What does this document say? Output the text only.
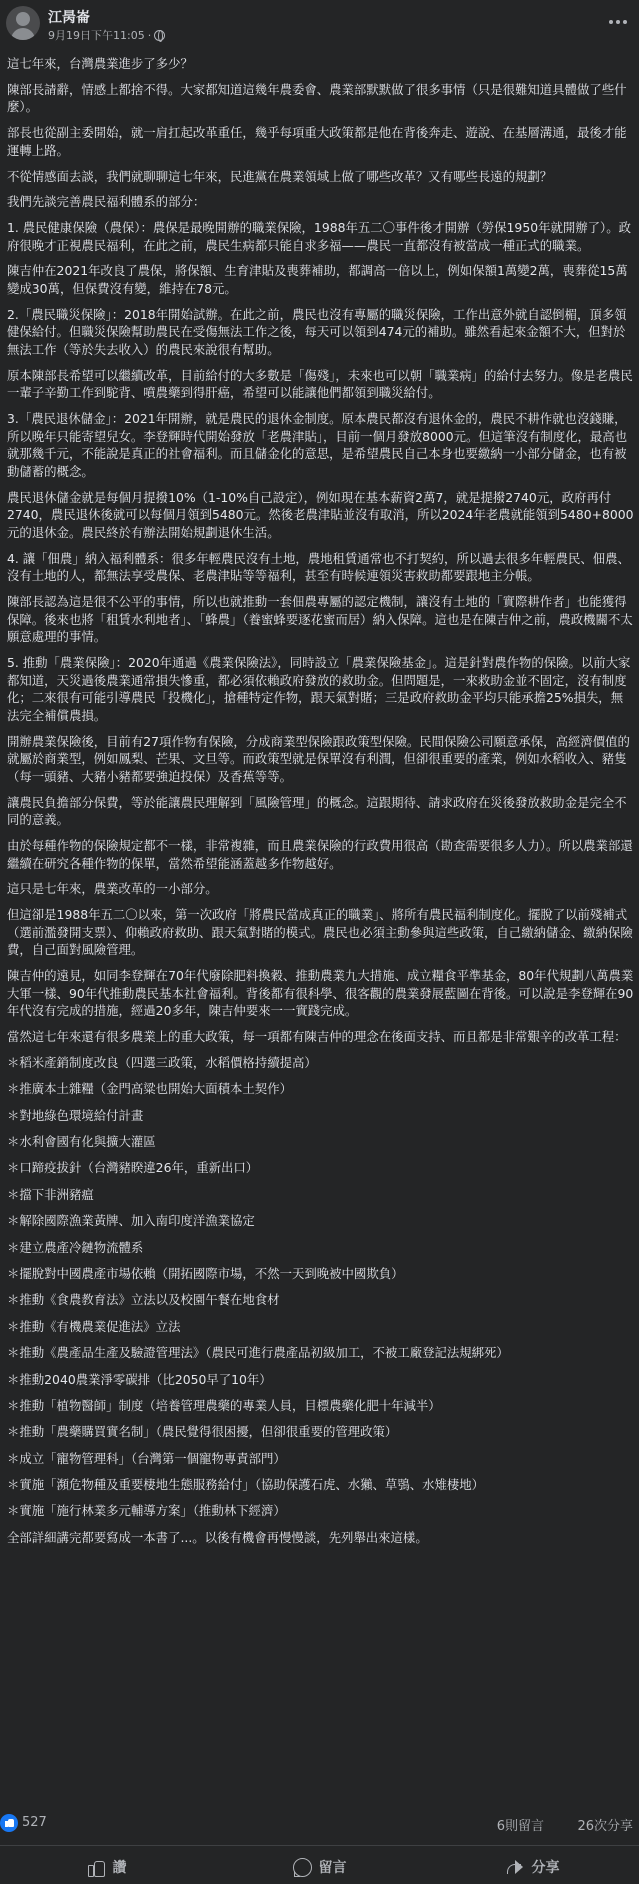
江昺崙
9月19日下午11:05 ·

這七年來，台灣農業進步了多少？

陳部長請辭，情感上都捨不得。大家都知道這幾年農委會、農業部默默做了很多事情（只是很難知道具體做了些什麼）。

部長也從副主委開始，就一肩扛起改革重任，幾乎每項重大政策都是他在背後奔走、遊說、在基層溝通，最後才能運轉上路。

不從情感面去談，我們就聊聊這七年來，民進黨在農業領域上做了哪些改革？又有哪些長遠的規劃？

我們先談完善農民福利體系的部分：

1. 農民健康保險（農保）：農保是最晚開辦的職業保險，1988年五二〇事件後才開辦（勞保1950年就開辦了）。政府很晚才正視農民福利，在此之前，農民生病都只能自求多福——農民一直都沒有被當成一種正式的職業。

陳吉仲在2021年改良了農保，將保額、生育津貼及喪葬補助，都調高一倍以上，例如保額1萬變2萬，喪葬從15萬變成30萬，但保費沒有變，維持在78元。

2.「農民職災保險」：2018年開始試辦。在此之前，農民也沒有專屬的職災保險，工作出意外就自認倒楣，頂多領健保給付。但職災保險幫助農民在受傷無法工作之後，每天可以領到474元的補助。雖然看起來金額不大，但對於無法工作（等於失去收入）的農民來說很有幫助。

原本陳部長希望可以繼續改革，目前給付的大多數是「傷殘」，未來也可以朝「職業病」的給付去努力。像是老農民一輩子辛勤工作到駝背、噴農藥到得肝癌，希望可以能讓他們都領到職災給付。

3.「農民退休儲金」：2021年開辦，就是農民的退休金制度。原本農民都沒有退休金的，農民不耕作就也沒錢賺，所以晚年只能寄望兒女。李登輝時代開始發放「老農津貼」，目前一個月發放8000元。但這筆沒有制度化，最高也就那幾千元，不能說是真正的社會福利。而且儲金化的意思，是希望農民自己本身也要繳納一小部分儲金，也有被動儲蓄的概念。

農民退休儲金就是每個月提撥10%（1-10%自己設定），例如現在基本薪資2萬7，就是提撥2740元，政府再付2740，農民退休後就可以每個月領到5480元。然後老農津貼並沒有取消，所以2024年老農就能領到5480+8000元的退休金。農民終於有辦法開始規劃退休生活。

4. 讓「佃農」納入福利體系：很多年輕農民沒有土地，農地租賃通常也不打契約，所以過去很多年輕農民、佃農、沒有土地的人，都無法享受農保、老農津貼等等福利，甚至有時候連領災害救助都要跟地主分帳。

陳部長認為這是很不公平的事情，所以也就推動一套佃農專屬的認定機制，讓沒有土地的「實際耕作者」也能獲得保障。後來也將「租賃水利地者」、「蜂農」（養蜜蜂要逐花蜜而居）納入保障。這也是在陳吉仲之前，農政機關不太願意處理的事情。

5. 推動「農業保險」：2020年通過《農業保險法》，同時設立「農業保險基金」。這是針對農作物的保險。以前大家都知道，天災過後農業通常損失慘重，都必須依賴政府發放的救助金。但問題是，一來救助金並不固定，沒有制度化；二來很有可能引導農民「投機化」，搶種特定作物，跟天氣對賭；三是政府救助金平均只能承擔25%損失，無法完全補償農損。

開辦農業保險後，目前有27項作物有保險，分成商業型保險跟政策型保險。民間保險公司願意承保，高經濟價值的就屬於商業型，例如鳳梨、芒果、文旦等。而政策型就是保單沒有利潤，但卻很重要的產業，例如水稻收入、豬隻（每一頭豬、大豬小豬都要強迫投保）及香蕉等等。

讓農民負擔部分保費，等於能讓農民理解到「風險管理」的概念。這跟期待、請求政府在災後發放救助金是完全不同的意義。

由於每種作物的保險規定都不一樣，非常複雜，而且農業保險的行政費用很高（勘查需要很多人力）。所以農業部還繼續在研究各種作物的保單，當然希望能涵蓋越多作物越好。

這只是七年來，農業改革的一小部分。

但這卻是1988年五二〇以來，第一次政府「將農民當成真正的職業」、將所有農民福利制度化。擺脫了以前殘補式（選前濫發開支票）、仰賴政府救助、跟天氣對賭的模式。農民也必須主動參與這些政策，自己繳納儲金、繳納保險費，自己面對風險管理。

陳吉仲的遠見，如同李登輝在70年代廢除肥料換穀、推動農業九大措施、成立糧食平準基金，80年代規劃八萬農業大軍一樣、90年代推動農民基本社會福利。背後都有很科學、很客觀的農業發展藍圖在背後。可以說是李登輝在90年代沒有完成的措施，經過20多年，陳吉仲要來一一實踐完成。

當然這七年來還有很多農業上的重大政策，每一項都有陳吉仲的理念在後面支持、而且都是非常艱辛的改革工程：

＊稻米產銷制度改良（四選三政策，水稻價格持續提高）

＊推廣本土雜糧（金門高粱也開始大面積本土契作）

＊對地綠色環境給付計畫

＊水利會國有化與擴大灌區

＊口蹄疫拔針（台灣豬睽違26年，重新出口）

＊擋下非洲豬瘟

＊解除國際漁業黃牌、加入南印度洋漁業協定

＊建立農產冷鏈物流體系

＊擺脫對中國農產市場依賴（開拓國際市場，不然一天到晚被中國欺負）

＊推動《食農教育法》立法以及校園午餐在地食材

＊推動《有機農業促進法》立法

＊推動《農產品生產及驗證管理法》（農民可進行農產品初級加工，不被工廠登記法規綁死）

＊推動2040農業淨零碳排（比2050早了10年）

＊推動「植物醫師」制度（培養管理農藥的專業人員，目標農藥化肥十年減半）

＊推動「農藥購買實名制」（農民覺得很困擾，但卻很重要的管理政策）

＊成立「寵物管理科」（台灣第一個寵物專責部門）

＊實施「瀕危物種及重要棲地生態服務給付」（協助保護石虎、水獺、草鴞、水雉棲地）

＊實施「施行林業多元輔導方案」（推動林下經濟）

全部詳細講完都要寫成一本書了...。以後有機會再慢慢談，先列舉出來這樣。

527	6則留言	26次分享
讚	留言	分享
